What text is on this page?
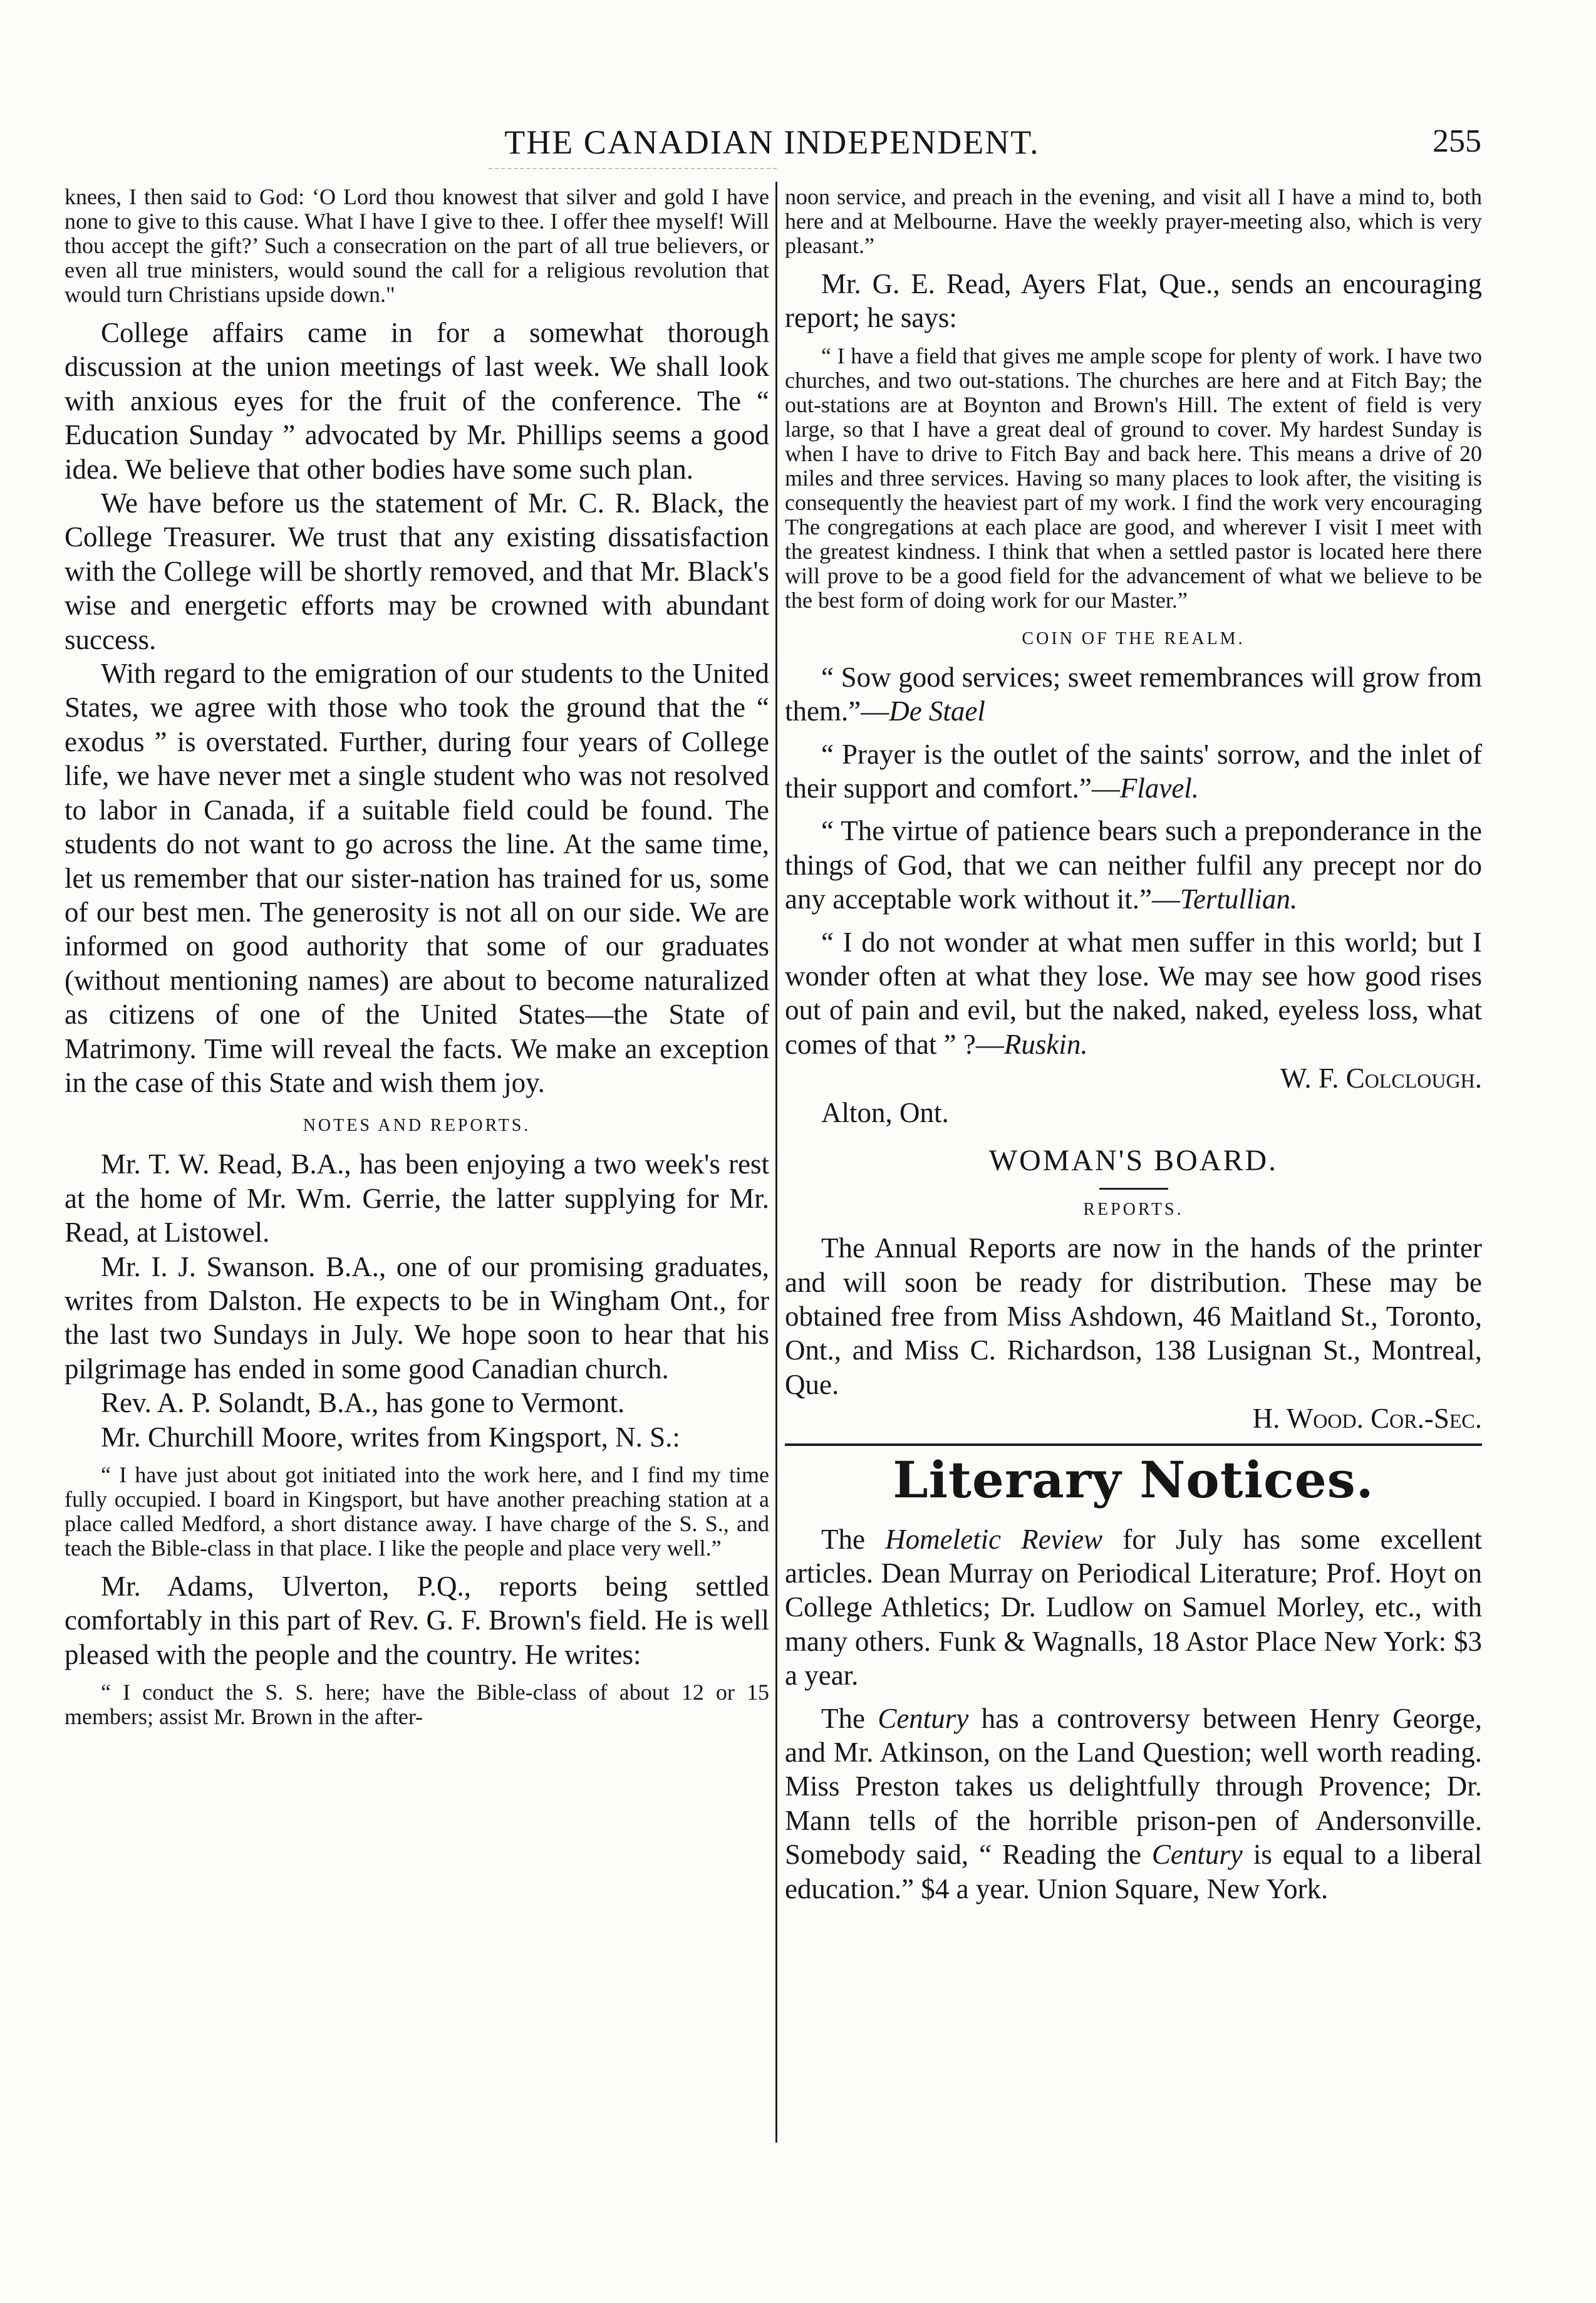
THE CANADIAN INDEPENDENT.	255

knees, I then said to God: ‘O Lord thou knowest that silver and gold I have none to give to this cause. What I have I give to thee. I offer thee myself! Will thou accept the gift?’ Such a consecration on the part of all true believers, or even all true ministers, would sound the call for a religious revolution that would turn Christians upside down."

College affairs came in for a somewhat thorough discussion at the union meetings of last week. We shall look with anxious eyes for the fruit of the conference. The “ Education Sunday ” advocated by Mr. Phillips seems a good idea. We believe that other bodies have some such plan.

We have before us the statement of Mr. C. R. Black, the College Treasurer. We trust that any existing dissatisfaction with the College will be shortly removed, and that Mr. Black's wise and energetic efforts may be crowned with abundant success.

With regard to the emigration of our students to the United States, we agree with those who took the ground that the “ exodus ” is overstated. Further, during four years of College life, we have never met a single student who was not resolved to labor in Canada, if a suitable field could be found. The students do not want to go across the line. At the same time, let us remember that our sister-nation has trained for us, some of our best men. The generosity is not all on our side. We are informed on good authority that some of our graduates (without mentioning names) are about to become naturalized as citizens of one of the United States—the State of Matrimony. Time will reveal the facts. We make an exception in the case of this State and wish them joy.

NOTES AND REPORTS.

Mr. T. W. Read, B.A., has been enjoying a two week's rest at the home of Mr. Wm. Gerrie, the latter supplying for Mr. Read, at Listowel.

Mr. I. J. Swanson. B.A., one of our promising graduates, writes from Dalston. He expects to be in Wingham Ont., for the last two Sundays in July. We hope soon to hear that his pilgrimage has ended in some good Canadian church.

Rev. A. P. Solandt, B.A., has gone to Vermont.

Mr. Churchill Moore, writes from Kingsport, N. S.:

“ I have just about got initiated into the work here, and I find my time fully occupied. I board in Kingsport, but have another preaching station at a place called Medford, a short distance away. I have charge of the S. S., and teach the Bible-class in that place. I like the people and place very well.”

Mr. Adams, Ulverton, P.Q., reports being settled comfortably in this part of Rev. G. F. Brown's field. He is well pleased with the people and the country. He writes:

“ I conduct the S. S. here; have the Bible-class of about 12 or 15 members; assist Mr. Brown in the after-

noon service, and preach in the evening, and visit all I have a mind to, both here and at Melbourne. Have the weekly prayer-meeting also, which is very pleasant.”

Mr. G. E. Read, Ayers Flat, Que., sends an encouraging report; he says:

“ I have a field that gives me ample scope for plenty of work. I have two churches, and two out-stations. The churches are here and at Fitch Bay; the out-stations are at Boynton and Brown's Hill. The extent of field is very large, so that I have a great deal of ground to cover. My hardest Sunday is when I have to drive to Fitch Bay and back here. This means a drive of 20 miles and three services. Having so many places to look after, the visiting is consequently the heaviest part of my work. I find the work very encouraging The congregations at each place are good, and wherever I visit I meet with the greatest kindness. I think that when a settled pastor is located here there will prove to be a good field for the advancement of what we believe to be the best form of doing work for our Master.”

COIN OF THE REALM.

“ Sow good services; sweet remembrances will grow from them.”—De Stael

“ Prayer is the outlet of the saints' sorrow, and the inlet of their support and comfort.”—Flavel.

“ The virtue of patience bears such a preponderance in the things of God, that we can neither fulfil any precept nor do any acceptable work without it.”—Tertullian.

“ I do not wonder at what men suffer in this world; but I wonder often at what they lose. We may see how good rises out of pain and evil, but the naked, naked, eyeless loss, what comes of that ” ?—Ruskin.

W. F. Colclough.

Alton, Ont.

WOMAN'S BOARD.
REPORTS.

The Annual Reports are now in the hands of the printer and will soon be ready for distribution. These may be obtained free from Miss Ashdown, 46 Maitland St., Toronto, Ont., and Miss C. Richardson, 138 Lusignan St., Montreal, Que.

H. Wood. Cor.-Sec.

Literary Notices.

The Homeletic Review for July has some excellent articles. Dean Murray on Periodical Literature; Prof. Hoyt on College Athletics; Dr. Ludlow on Samuel Morley, etc., with many others. Funk & Wagnalls, 18 Astor Place New York: $3 a year.

The Century has a controversy between Henry George, and Mr. Atkinson, on the Land Question; well worth reading. Miss Preston takes us delightfully through Provence; Dr. Mann tells of the horrible prison-pen of Andersonville. Somebody said, “ Reading the Century is equal to a liberal education.” $4 a year. Union Square, New York.
